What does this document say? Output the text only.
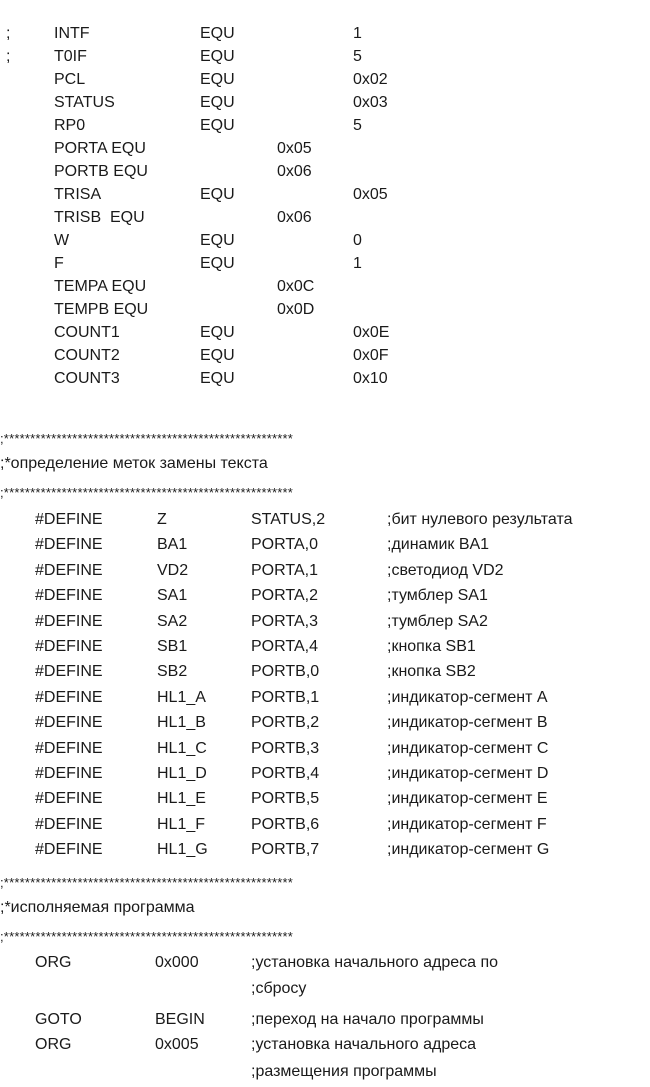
;	INTF	EQU	1
;	T0IF	EQU	5
PCL	EQU	0x02
STATUS	EQU	0x03
RP0	EQU	5
PORTA EQU	0x05
PORTB EQU	0x06
TRISA	EQU	0x05
TRISB  EQU	0x06
W	EQU	0
F	EQU	1
TEMPA EQU	0x0C
TEMPB EQU	0x0D
COUNT1	EQU	0x0E
COUNT2	EQU	0x0F
COUNT3	EQU	0x10
;*******************************************************
;*определение меток замены текста
;*******************************************************
#DEFINE	Z	STATUS,2	;бит нулевого результата
#DEFINE	BA1	PORTA,0	;динамик BA1
#DEFINE	VD2	PORTA,1	;светодиод VD2
#DEFINE	SA1	PORTA,2	;тумблер SA1
#DEFINE	SA2	PORTA,3	;тумблер SA2
#DEFINE	SB1	PORTA,4	;кнопка SB1
#DEFINE	SB2	PORTB,0	;кнопка SB2
#DEFINE	HL1_A	PORTB,1	;индикатор-сегмент A
#DEFINE	HL1_B	PORTB,2	;индикатор-сегмент B
#DEFINE	HL1_C	PORTB,3	;индикатор-сегмент C
#DEFINE	HL1_D	PORTB,4	;индикатор-сегмент D
#DEFINE	HL1_E	PORTB,5	;индикатор-сегмент E
#DEFINE	HL1_F	PORTB,6	;индикатор-сегмент F
#DEFINE	HL1_G	PORTB,7	;индикатор-сегмент G
;*******************************************************
;*исполняемая программа
;*******************************************************
ORG	0x000	;установка начального адреса по
;сбросу
GOTO	BEGIN	;переход на начало программы
ORG	0x005	;установка начального адреса
;размещения программы
